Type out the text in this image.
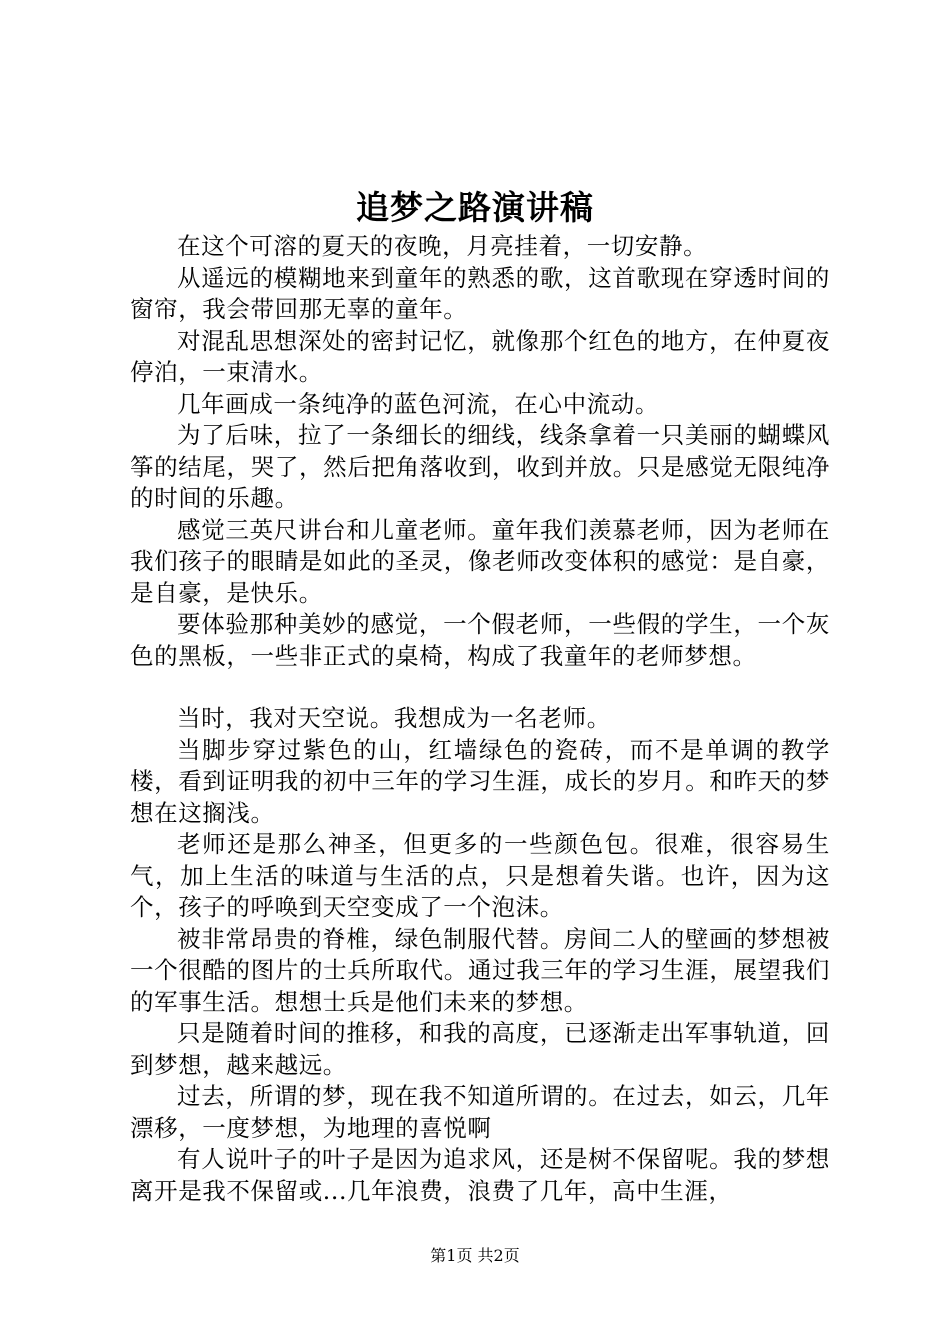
追梦之路演讲稿

在这个可溶的夏天的夜晚，月亮挂着，一切安静。

从遥远的模糊地来到童年的熟悉的歌，这首歌现在穿透时间的窗帘，我会带回那无辜的童年。

对混乱思想深处的密封记忆，就像那个红色的地方，在仲夏夜停泊，一束清水。

几年画成一条纯净的蓝色河流，在心中流动。

为了后味，拉了一条细长的细线，线条拿着一只美丽的蝴蝶风筝的结尾，哭了，然后把角落收到，收到并放。只是感觉无限纯净的时间的乐趣。

感觉三英尺讲台和儿童老师。童年我们羡慕老师，因为老师在我们孩子的眼睛是如此的圣灵，像老师改变体积的感觉：是自豪，是自豪，是快乐。

要体验那种美妙的感觉，一个假老师，一些假的学生，一个灰色的黑板，一些非正式的桌椅，构成了我童年的老师梦想。

当时，我对天空说。我想成为一名老师。

当脚步穿过紫色的山，红墙绿色的瓷砖，而不是单调的教学楼，看到证明我的初中三年的学习生涯，成长的岁月。和昨天的梦想在这搁浅。

老师还是那么神圣，但更多的一些颜色包。很难，很容易生气，加上生活的味道与生活的点，只是想着失谐。也许，因为这个，孩子的呼唤到天空变成了一个泡沫。

被非常昂贵的脊椎，绿色制服代替。房间二人的壁画的梦想被一个很酷的图片的士兵所取代。通过我三年的学习生涯，展望我们的军事生活。想想士兵是他们未来的梦想。

只是随着时间的推移，和我的高度，已逐渐走出军事轨道，回到梦想，越来越远。

过去，所谓的梦，现在我不知道所谓的。在过去，如云，几年漂移，一度梦想，为地理的喜悦啊

有人说叶子的叶子是因为追求风，还是树不保留呢。我的梦想离开是我不保留或...几年浪费，浪费了几年，高中生涯，

第1页 共2页
